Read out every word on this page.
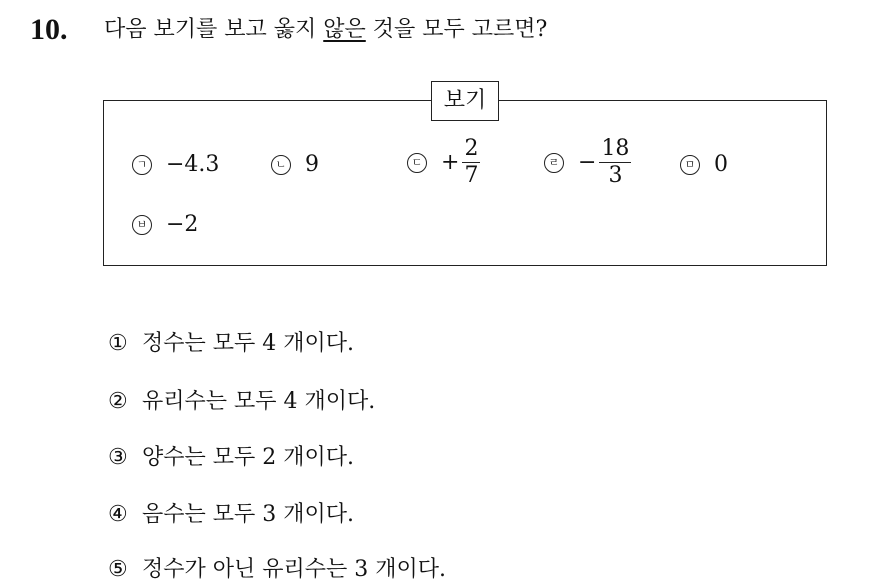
10. 다음 보기를 보고 옳지 않은 것을 모두 고르면?
보기
ㄱ −4.3	ㄴ 9	ㄷ + $\frac{2}{7}$	ㄹ − $\frac{18}{3}$	ㅁ 0
ㅂ −2
① 정수는 모두 4 개이다.
② 유리수는 모두 4 개이다.
③ 양수는 모두 2 개이다.
④ 음수는 모두 3 개이다.
⑤ 정수가 아닌 유리수는 3 개이다.
